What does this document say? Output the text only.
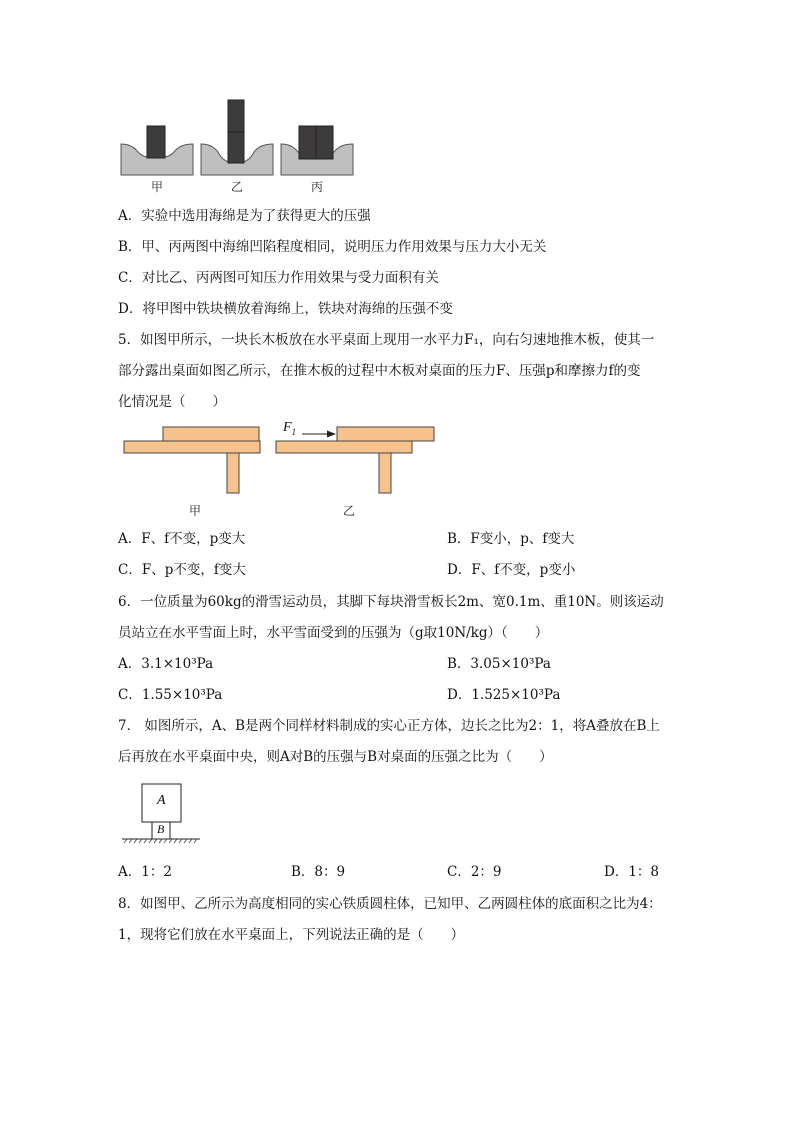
甲	乙	丙
A．实验中选用海绵是为了获得更大的压强
B．甲、丙两图中海绵凹陷程度相同，说明压力作用效果与压力大小无关
C．对比乙、丙两图可知压力作用效果与受力面积有关
D．将甲图中铁块横放着海绵上，铁块对海绵的压强不变
5．如图甲所示，一块长木板放在水平桌面上现用一水平力F₁，向右匀速地推木板，使其一
部分露出桌面如图乙所示，在推木板的过程中木板对桌面的压力F、压强p和摩擦力f的变
化情况是（　　）
$F_1$
甲	乙
A．F、f不变，p变大	B．F变小，p、f变大
C．F、p不变，f变大	D．F、f不变，p变小
6．一位质量为60kg的滑雪运动员，其脚下每块滑雪板长2m、宽0.1m、重10N。则该运动
员站立在水平雪面上时，水平雪面受到的压强为（g取10N/kg）（　　）
A．3.1×10³Pa	B．3.05×10³Pa
C．1.55×10³Pa	D．1.525×10³Pa
7． 如图所示，A、B是两个同样材料制成的实心正方体，边长之比为2：1，将A叠放在B上
后再放在水平桌面中央，则A对B的压强与B对桌面的压强之比为（　　）
A
B
A．1：2	B．8：9	C．2：9	D．1：8
8．如图甲、乙所示为高度相同的实心铁质圆柱体，已知甲、乙两圆柱体的底面积之比为4：
1，现将它们放在水平桌面上，下列说法正确的是（　　）
